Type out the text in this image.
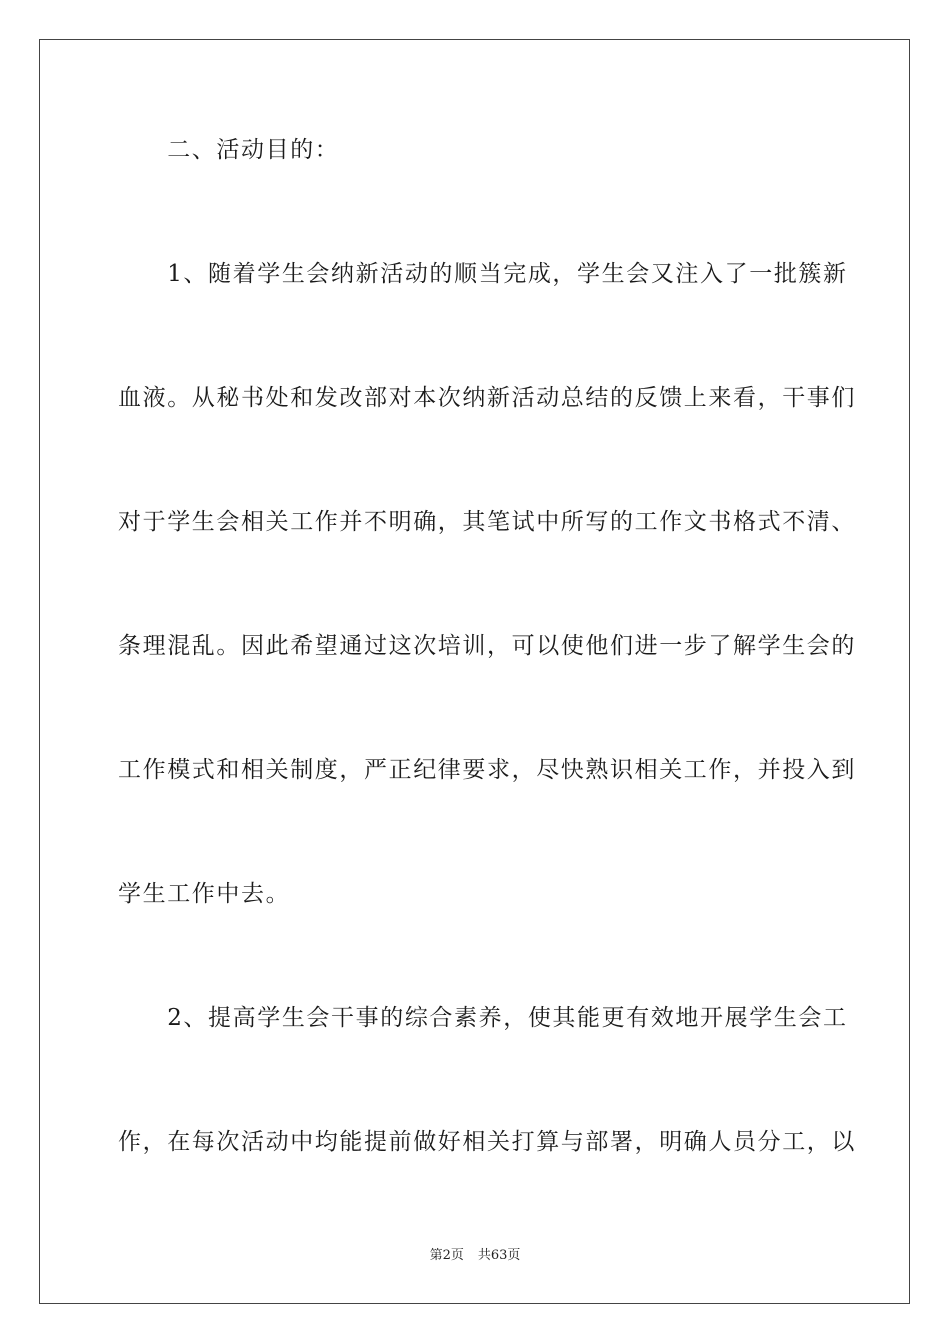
　　二、活动目的：
　　1、随着学生会纳新活动的顺当完成，学生会又注入了一批簇新
血液。从秘书处和发改部对本次纳新活动总结的反馈上来看，干事们
对于学生会相关工作并不明确，其笔试中所写的工作文书格式不清、
条理混乱。因此希望通过这次培训，可以使他们进一步了解学生会的
工作模式和相关制度，严正纪律要求，尽快熟识相关工作，并投入到
学生工作中去。
　　2、提高学生会干事的综合素养，使其能更有效地开展学生会工
作，在每次活动中均能提前做好相关打算与部署，明确人员分工，以
第2页 共63页
